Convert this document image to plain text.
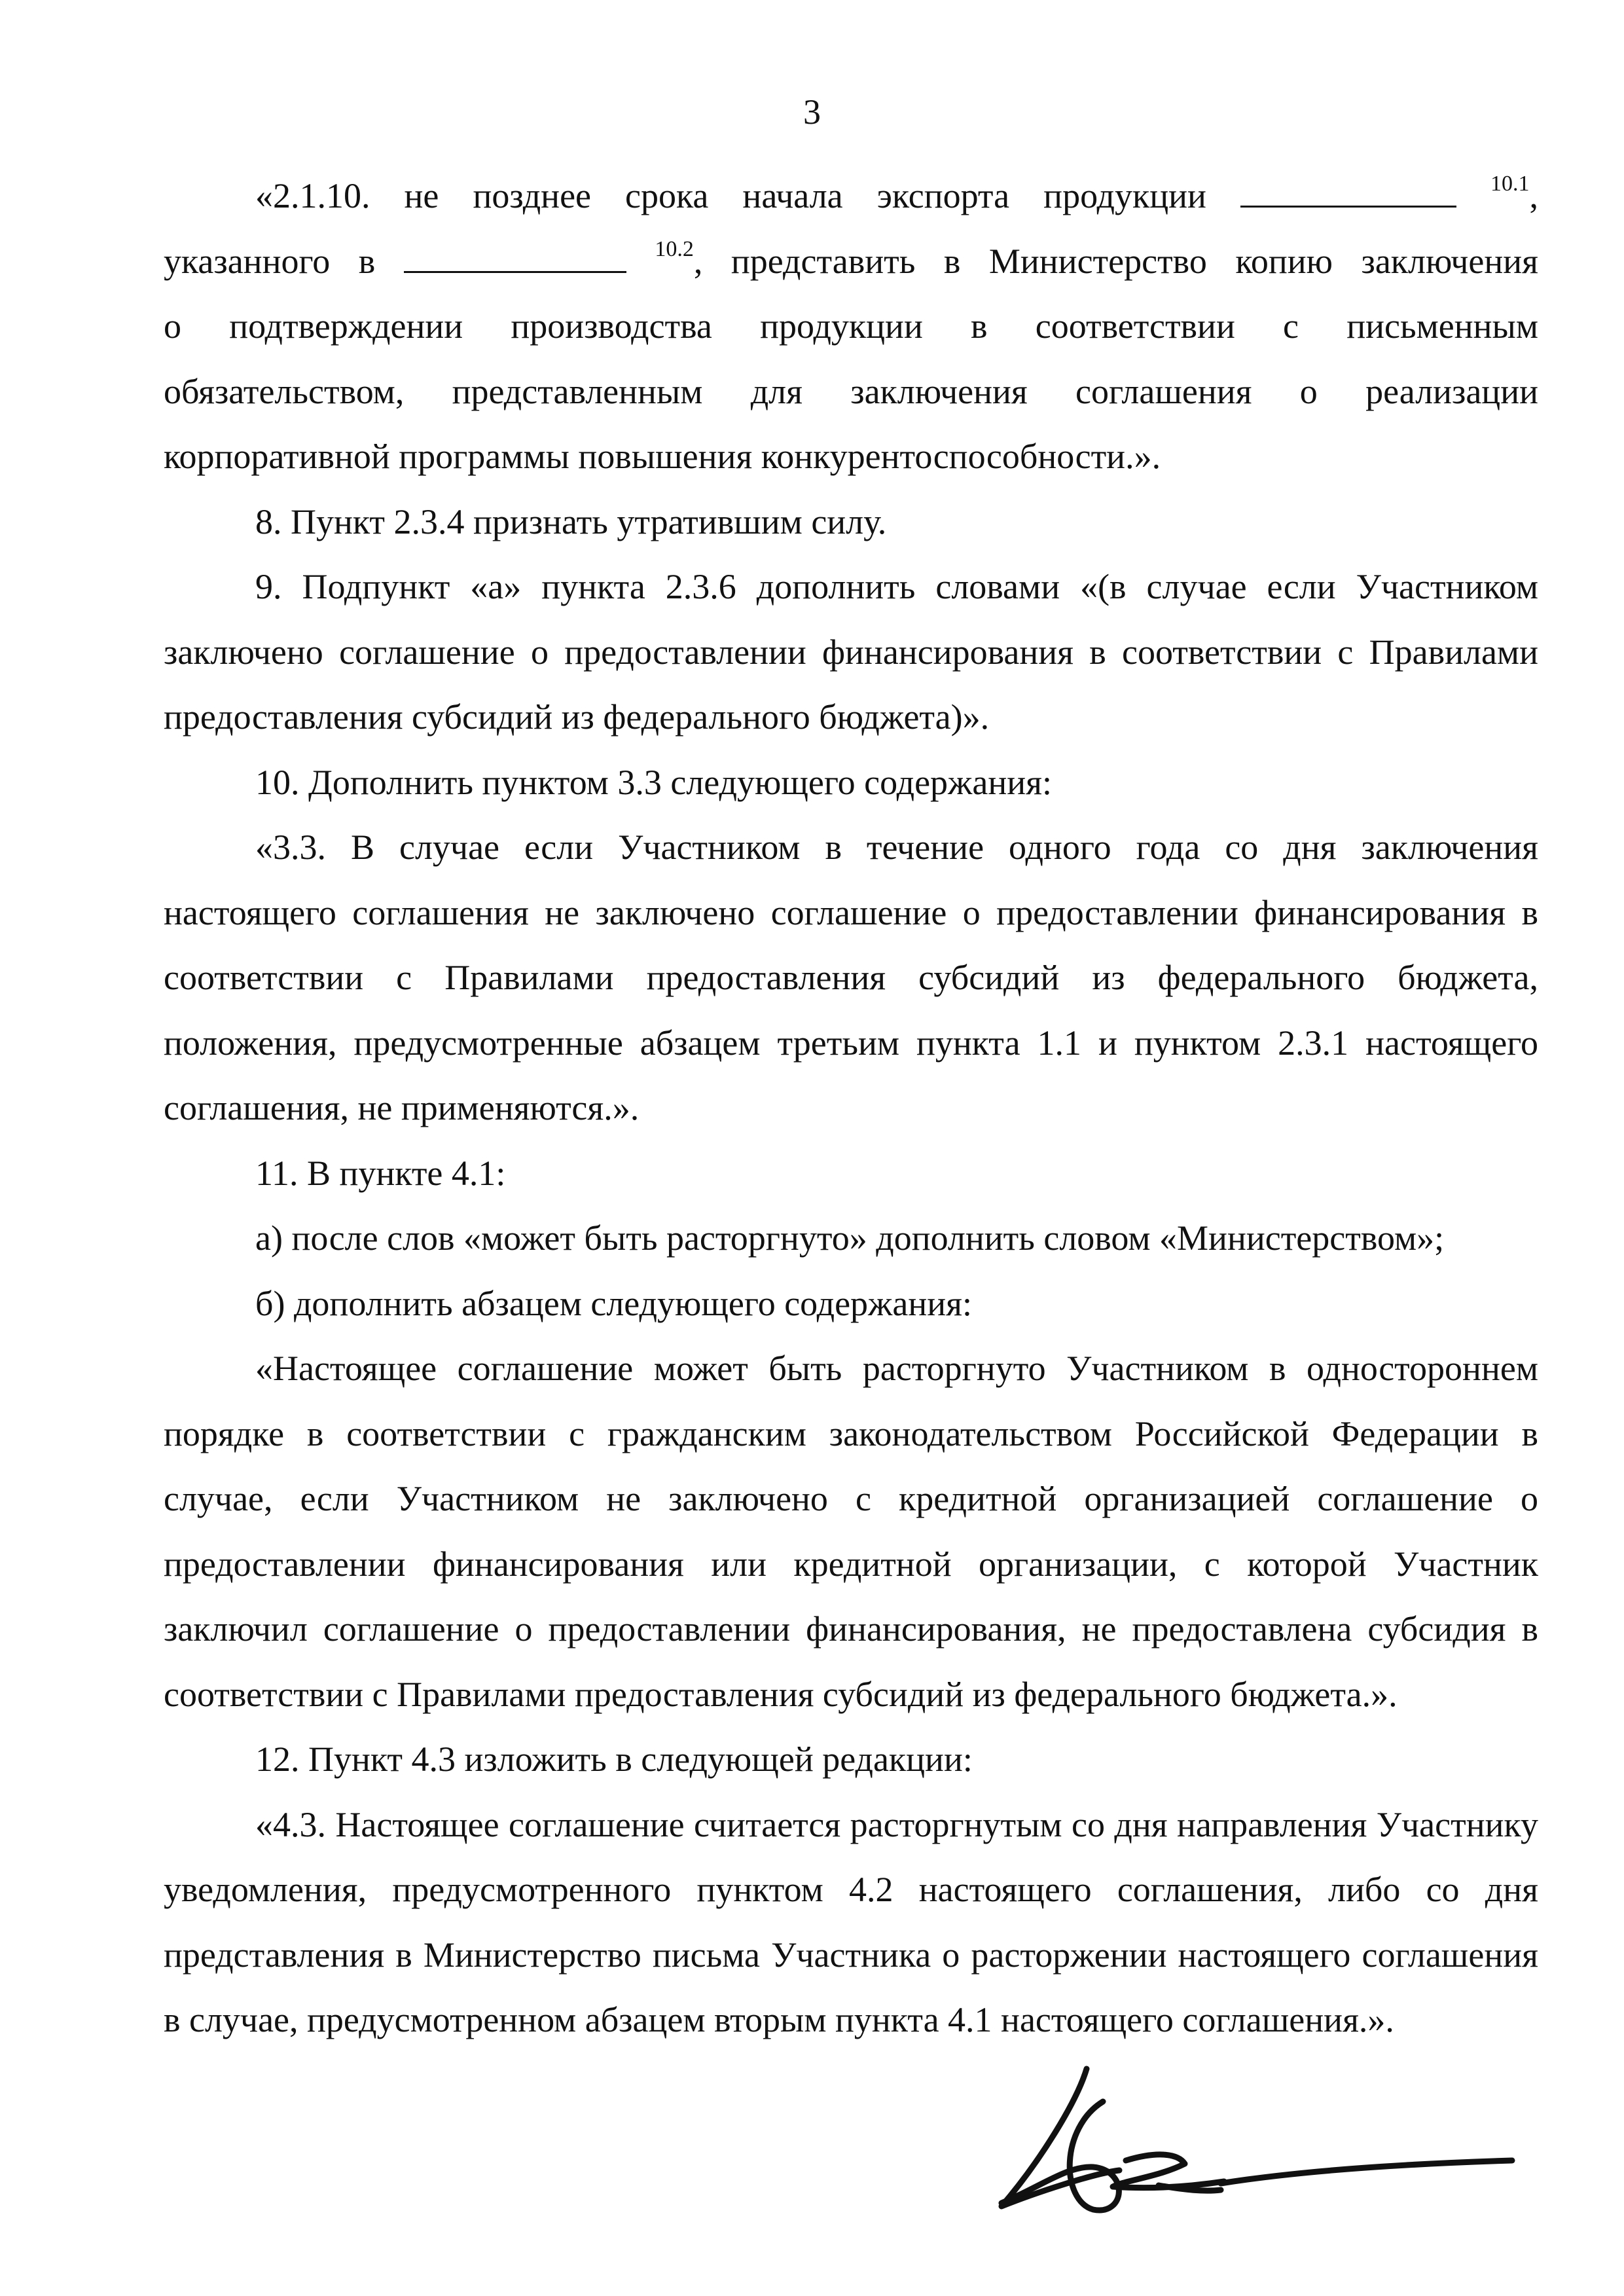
3
«2.1.10. не позднее срока начала экспорта продукции	$^{10.1}$,
указанного в	$^{10.2}$, представить в Министерство копию заключения
о подтверждении производства продукции в соответствии с письменным
обязательством, представленным для заключения соглашения о реализации
корпоративной программы повышения конкурентоспособности.».

8. Пункт 2.3.4 признать утратившим силу.

9. Подпункт «а» пункта 2.3.6 дополнить словами «(в случае если Участником заключено соглашение о предоставлении финансирования в соответствии с Правилами предоставления субсидий из федерального бюджета)».

10. Дополнить пунктом 3.3 следующего содержания:

«3.3. В случае если Участником в течение одного года со дня заключения настоящего соглашения не заключено соглашение о предоставлении финансирования в соответствии с Правилами предоставления субсидий из федерального бюджета, положения, предусмотренные абзацем третьим пункта 1.1 и пунктом 2.3.1 настоящего соглашения, не применяются.».

11. В пункте 4.1:

а) после слов «может быть расторгнуто» дополнить словом «Министерством»;

б) дополнить абзацем следующего содержания:

«Настоящее соглашение может быть расторгнуто Участником в одностороннем порядке в соответствии с гражданским законодательством Российской Федерации в случае, если Участником не заключено с кредитной организацией соглашение о предоставлении финансирования или кредитной организации, с которой Участник заключил соглашение о предоставлении финансирования, не предоставлена субсидия в соответствии с Правилами предоставления субсидий из федерального бюджета.».

12. Пункт 4.3 изложить в следующей редакции:

«4.3. Настоящее соглашение считается расторгнутым со дня направления Участнику уведомления, предусмотренного пунктом 4.2 настоящего соглашения, либо со дня представления в Министерство письма Участника о расторжении настоящего соглашения в случае, предусмотренном абзацем вторым пункта 4.1 настоящего соглашения.».
